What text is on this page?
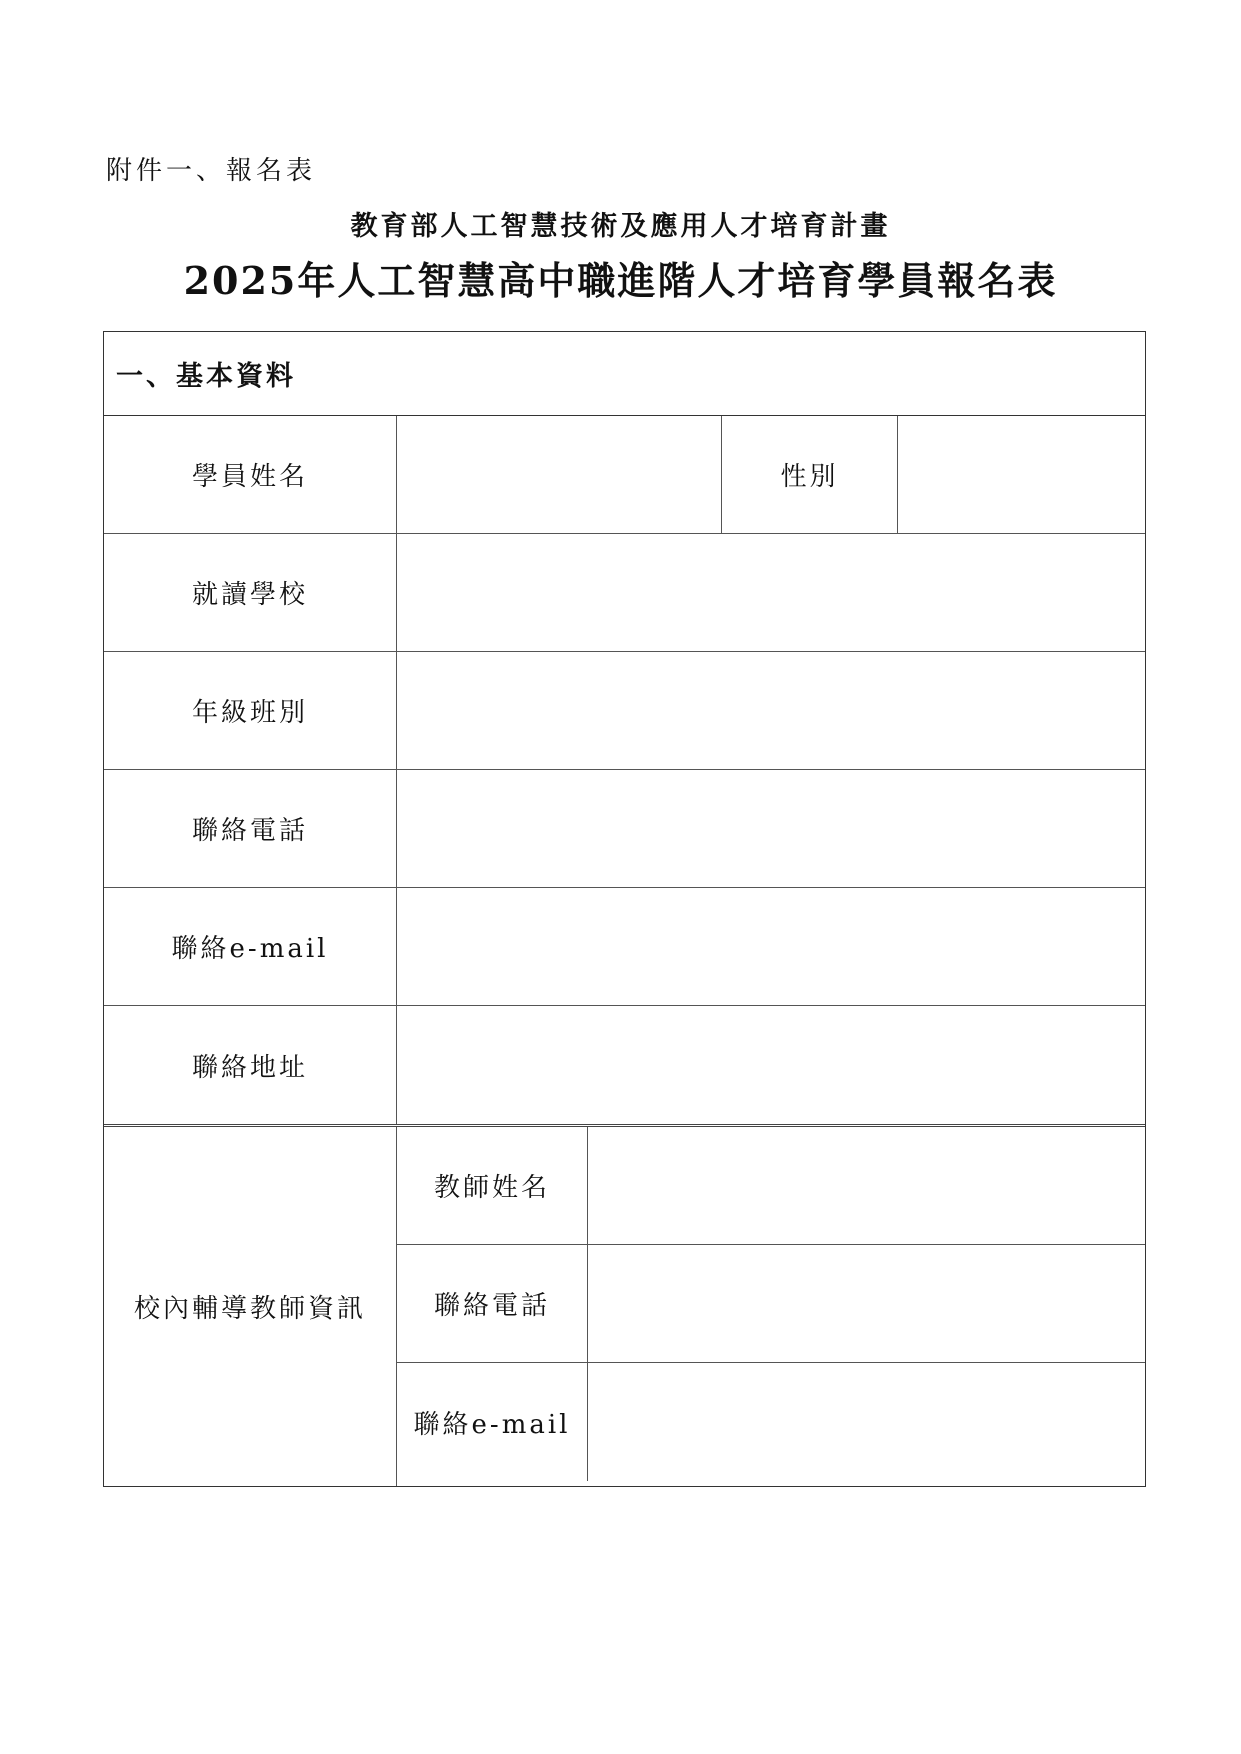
附件一、報名表
教育部人工智慧技術及應用人才培育計畫
2025年人工智慧高中職進階人才培育學員報名表
一、基本資料
學員姓名	性別
就讀學校
年級班別
聯絡電話
聯絡e-mail
聯絡地址
校內輔導教師資訊
教師姓名
聯絡電話
聯絡e-mail
